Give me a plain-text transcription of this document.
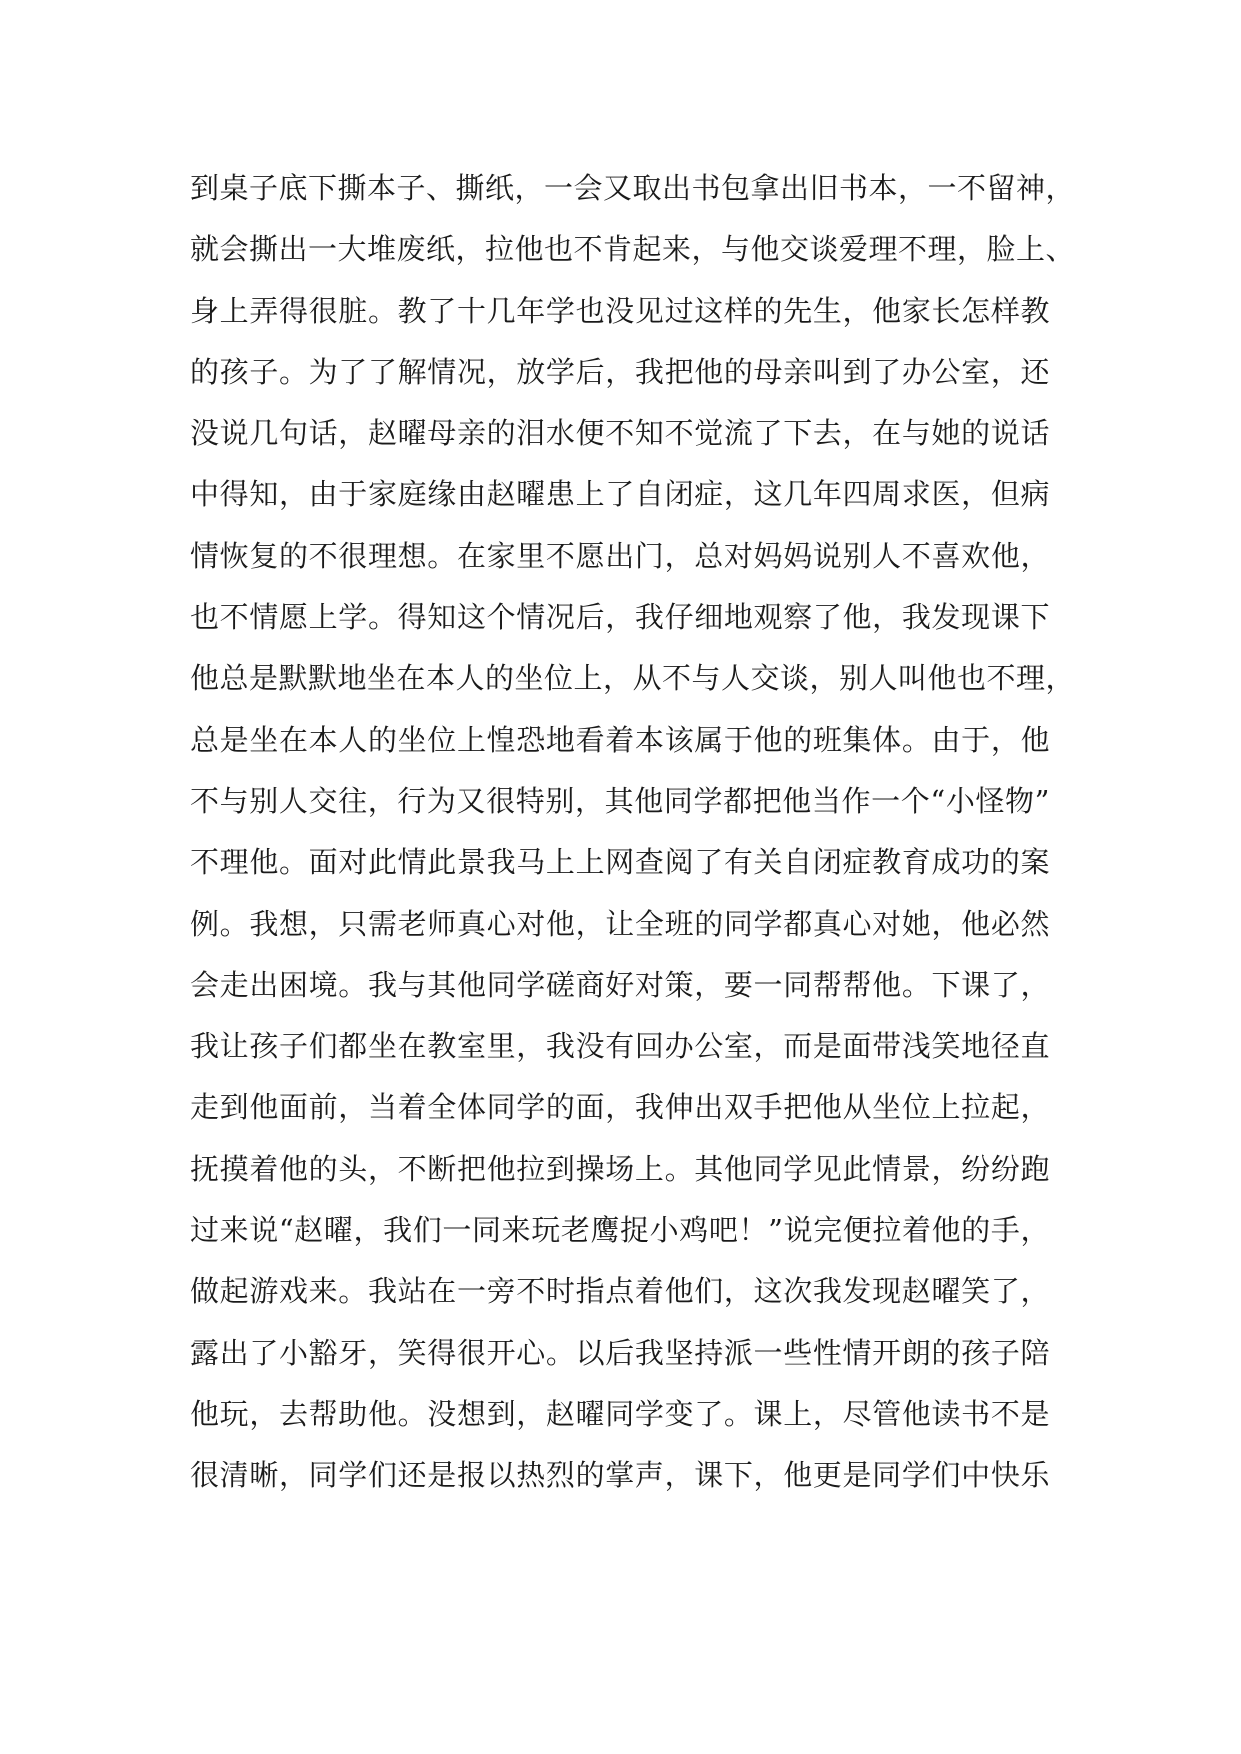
到桌子底下撕本子、撕纸，一会又取出书包拿出旧书本，一不留神，
就会撕出一大堆废纸，拉他也不肯起来，与他交谈爱理不理，脸上、
身上弄得很脏。教了十几年学也没见过这样的先生，他家长怎样教
的孩子。为了了解情况，放学后，我把他的母亲叫到了办公室，还
没说几句话，赵曜母亲的泪水便不知不觉流了下去，在与她的说话
中得知，由于家庭缘由赵曜患上了自闭症，这几年四周求医，但病
情恢复的不很理想。在家里不愿出门，总对妈妈说别人不喜欢他，
也不情愿上学。得知这个情况后，我仔细地观察了他，我发现课下
他总是默默地坐在本人的坐位上，从不与人交谈，别人叫他也不理，
总是坐在本人的坐位上惶恐地看着本该属于他的班集体。由于，他
不与别人交往，行为又很特别，其他同学都把他当作一个“小怪物”
不理他。面对此情此景我马上上网查阅了有关自闭症教育成功的案
例。我想，只需老师真心对他，让全班的同学都真心对她，他必然
会走出困境。我与其他同学磋商好对策，要一同帮帮他。下课了，
我让孩子们都坐在教室里，我没有回办公室，而是面带浅笑地径直
走到他面前，当着全体同学的面，我伸出双手把他从坐位上拉起，
抚摸着他的头，不断把他拉到操场上。其他同学见此情景，纷纷跑
过来说“赵曜，我们一同来玩老鹰捉小鸡吧！”说完便拉着他的手，
做起游戏来。我站在一旁不时指点着他们，这次我发现赵曜笑了，
露出了小豁牙，笑得很开心。以后我坚持派一些性情开朗的孩子陪
他玩，去帮助他。没想到，赵曜同学变了。课上，尽管他读书不是
很清晰，同学们还是报以热烈的掌声，课下，他更是同学们中快乐
